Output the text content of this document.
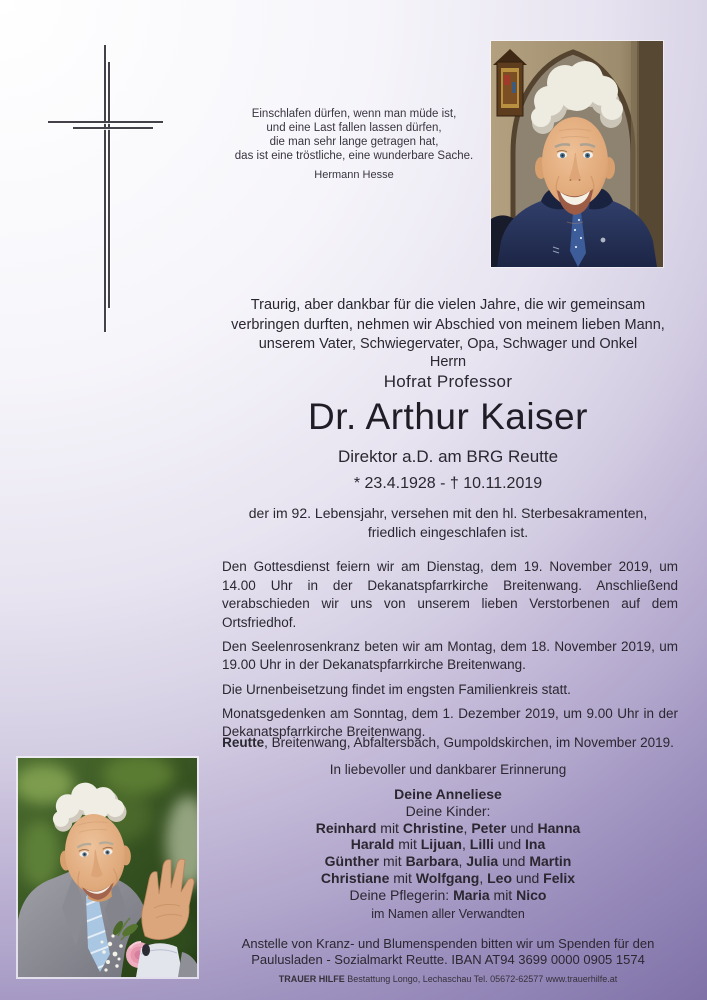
Einschlafen dürfen, wenn man müde ist,
und eine Last fallen lassen dürfen,
die man sehr lange getragen hat,
das ist eine tröstliche, eine wunderbare Sache.
Hermann Hesse
Traurig, aber dankbar für die vielen Jahre, die wir gemeinsam
verbringen durften, nehmen wir Abschied von meinem lieben Mann,
unserem Vater, Schwiegervater, Opa, Schwager und Onkel
Herrn
Hofrat Professor
Dr. Arthur Kaiser
Direktor a.D. am BRG Reutte
* 23.4.1928 - † 10.11.2019
der im 92. Lebensjahr, versehen mit den hl. Sterbesakramenten,
friedlich eingeschlafen ist.

Den Gottesdienst feiern wir am Dienstag, dem 19. November 2019, um 14.00 Uhr in der Dekanatspfarrkirche Breitenwang. Anschließend verabschieden wir uns von unserem lieben Verstorbenen auf dem Ortsfriedhof.

Den Seelenrosenkranz beten wir am Montag, dem 18. November 2019, um 19.00 Uhr in der Dekanatspfarrkirche Breitenwang.

Die Urnenbeisetzung findet im engsten Familienkreis statt.

Monatsgedenken am Sonntag, dem 1. Dezember 2019, um 9.00 Uhr in der Dekanatspfarrkirche Breitenwang.

Reutte, Breitenwang, Abfaltersbach, Gumpoldskirchen, im November 2019.
In liebevoller und dankbarer Erinnerung
Deine Anneliese
Deine Kinder:
Reinhard mit Christine, Peter und Hanna
Harald mit Lijuan, Lilli und Ina
Günther mit Barbara, Julia und Martin
Christiane mit Wolfgang, Leo und Felix
Deine Pflegerin: Maria mit Nico
im Namen aller Verwandten
Anstelle von Kranz- und Blumenspenden bitten wir um Spenden für den
Paulusladen - Sozialmarkt Reutte. IBAN AT94 3699 0000 0905 1574
TRAUER HILFE Bestattung Longo, Lechaschau Tel. 05672-62577 www.trauerhilfe.at
